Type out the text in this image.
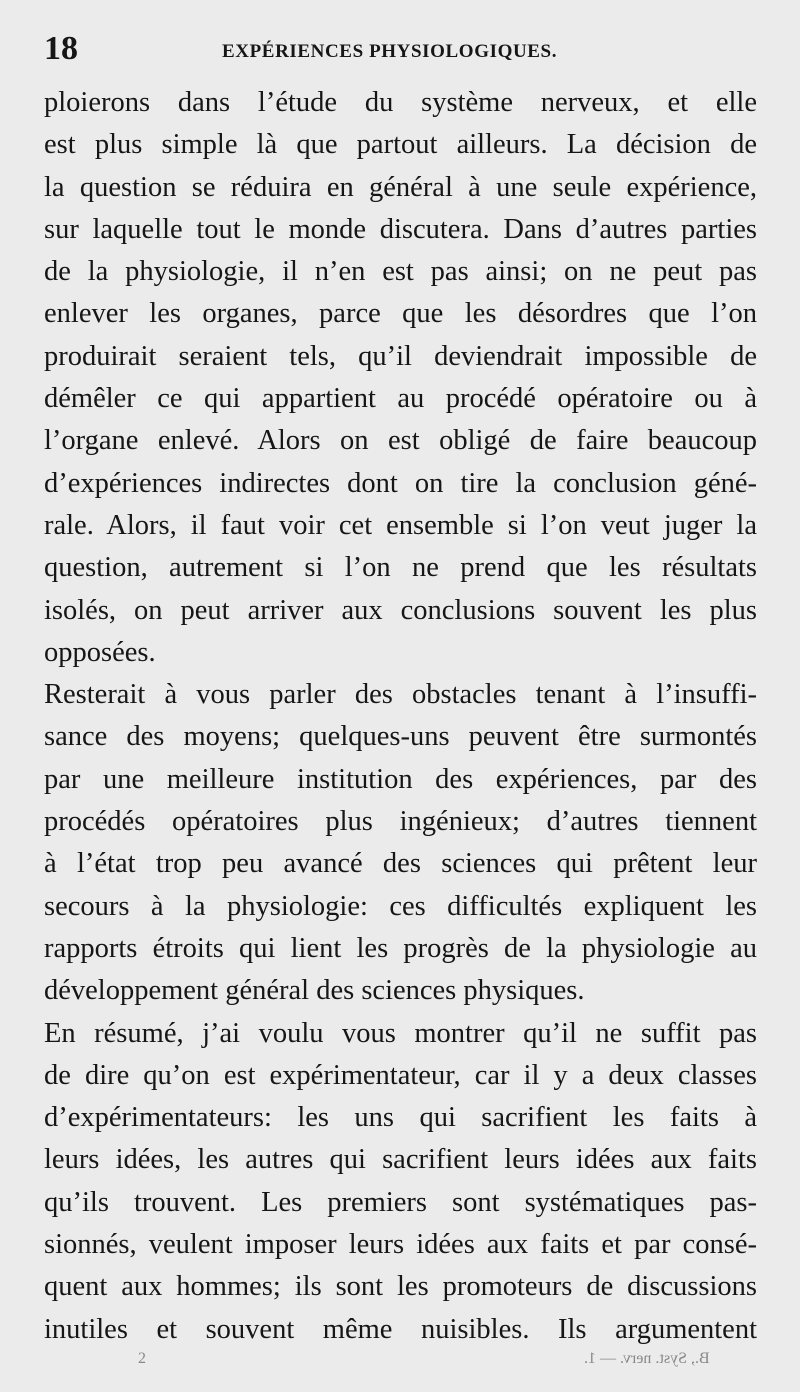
18	EXPÉRIENCES PHYSIOLOGIQUES.
ploierons dans l’étude du système nerveux, et elle
est plus simple là que partout ailleurs. La décision de
la question se réduira en général à une seule expérience,
sur laquelle tout le monde discutera. Dans d’autres parties
de la physiologie, il n’en est pas ainsi; on ne peut pas
enlever les organes, parce que les désordres que l’on
produirait seraient tels, qu’il deviendrait impossible de
démêler ce qui appartient au procédé opératoire ou à
l’organe enlevé. Alors on est obligé de faire beaucoup
d’expériences indirectes dont on tire la conclusion géné-
rale. Alors, il faut voir cet ensemble si l’on veut juger la
question, autrement si l’on ne prend que les résultats
isolés, on peut arriver aux conclusions souvent les plus
opposées.
Resterait à vous parler des obstacles tenant à l’insuffi-
sance des moyens; quelques-uns peuvent être surmontés
par une meilleure institution des expériences, par des
procédés opératoires plus ingénieux; d’autres tiennent
à l’état trop peu avancé des sciences qui prêtent leur
secours à la physiologie: ces difficultés expliquent les
rapports étroits qui lient les progrès de la physiologie au
développement général des sciences physiques.
En résumé, j’ai voulu vous montrer qu’il ne suffit pas
de dire qu’on est expérimentateur, car il y a deux classes
d’expérimentateurs: les uns qui sacrifient les faits à
leurs idées, les autres qui sacrifient leurs idées aux faits
qu’ils trouvent. Les premiers sont systématiques pas-
sionnés, veulent imposer leurs idées aux faits et par consé-
quent aux hommes; ils sont les promoteurs de discussions
inutiles et souvent même nuisibles. Ils argumentent
2	B., Syst. nerv. — 1.
